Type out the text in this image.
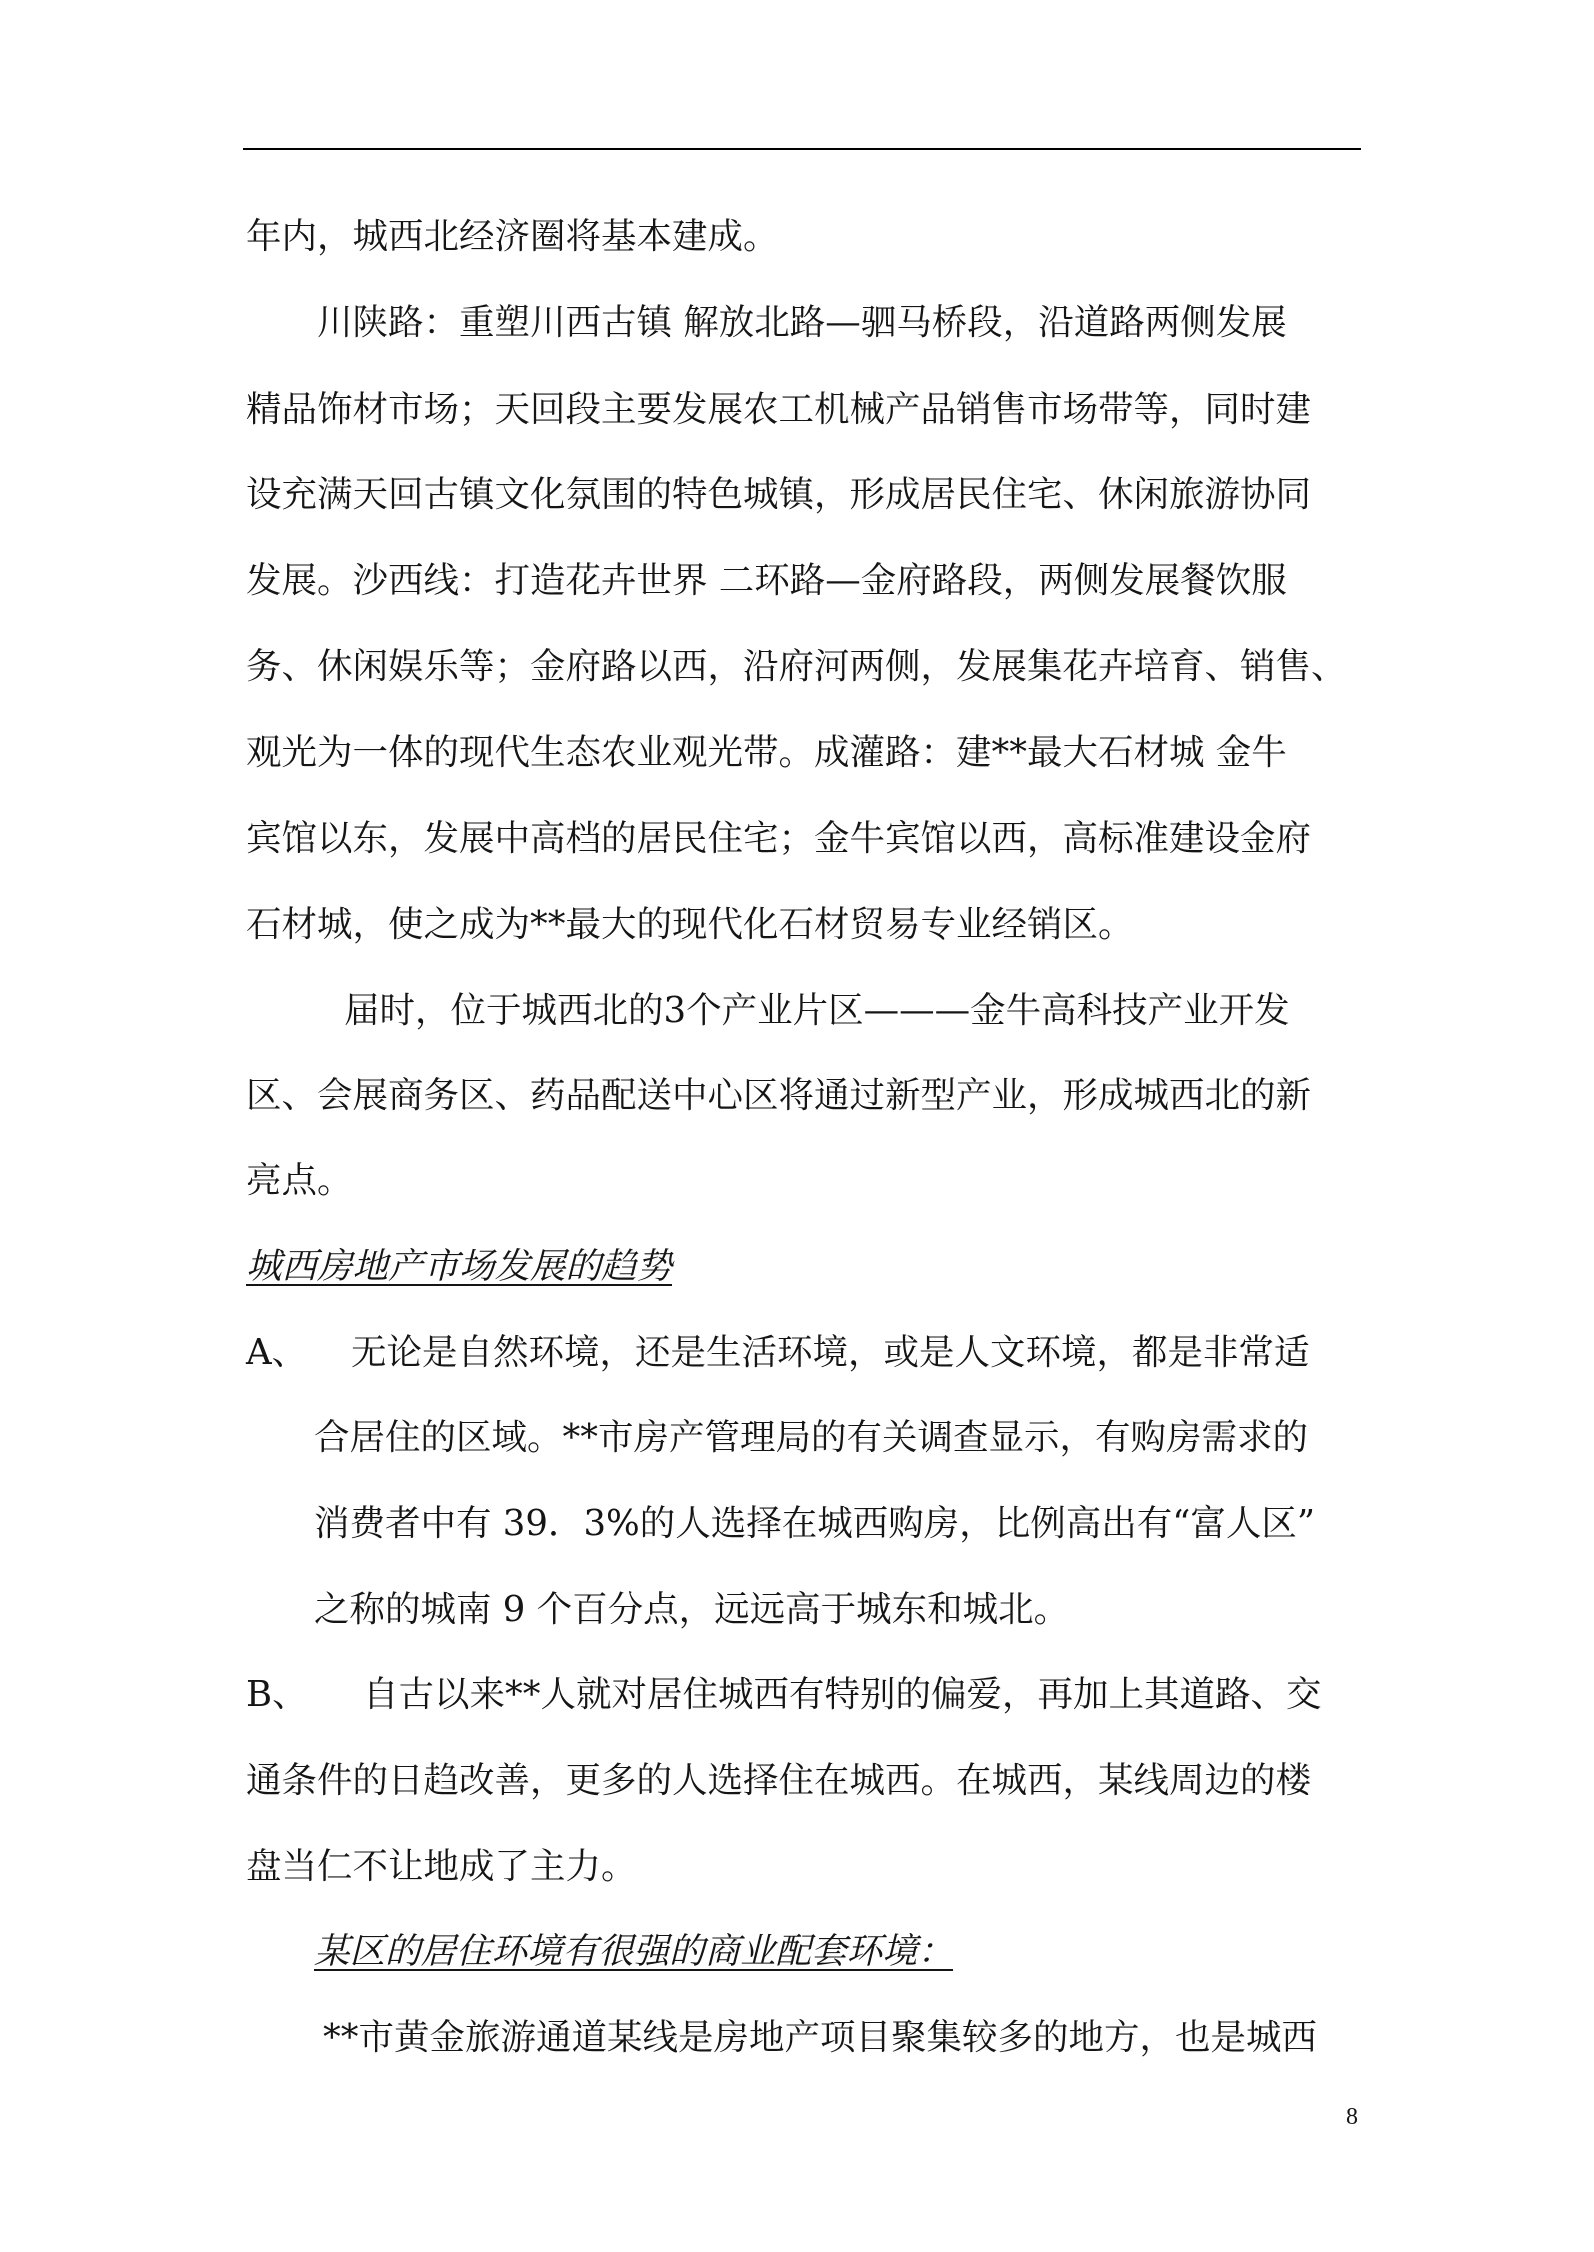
年内，城西北经济圈将基本建成。

川陕路：重塑川西古镇 解放北路—驷马桥段，沿道路两侧发展

精品饰材市场；天回段主要发展农工机械产品销售市场带等，同时建

设充满天回古镇文化氛围的特色城镇，形成居民住宅、休闲旅游协同

发展。沙西线：打造花卉世界 二环路—金府路段，两侧发展餐饮服

务、休闲娱乐等；金府路以西，沿府河两侧，发展集花卉培育、销售、

观光为一体的现代生态农业观光带。成灌路：建**最大石材城 金牛

宾馆以东，发展中高档的居民住宅；金牛宾馆以西，高标准建设金府

石材城，使之成为**最大的现代化石材贸易专业经销区。

届时，位于城西北的3个产业片区———金牛高科技产业开发

区、会展商务区、药品配送中心区将通过新型产业，形成城西北的新

亮点。

城西房地产市场发展的趋势

A、 无论是自然环境，还是生活环境，或是人文环境，都是非常适

合居住的区域。**市房产管理局的有关调查显示，有购房需求的

消费者中有 39．3%的人选择在城西购房，比例高出有“富人区”

之称的城南 9 个百分点，远远高于城东和城北。

B、 自古以来**人就对居住城西有特别的偏爱，再加上其道路、交

通条件的日趋改善，更多的人选择住在城西。在城西，某线周边的楼

盘当仁不让地成了主力。

某区的居住环境有很强的商业配套环境：

**市黄金旅游通道某线是房地产项目聚集较多的地方，也是城西

8
